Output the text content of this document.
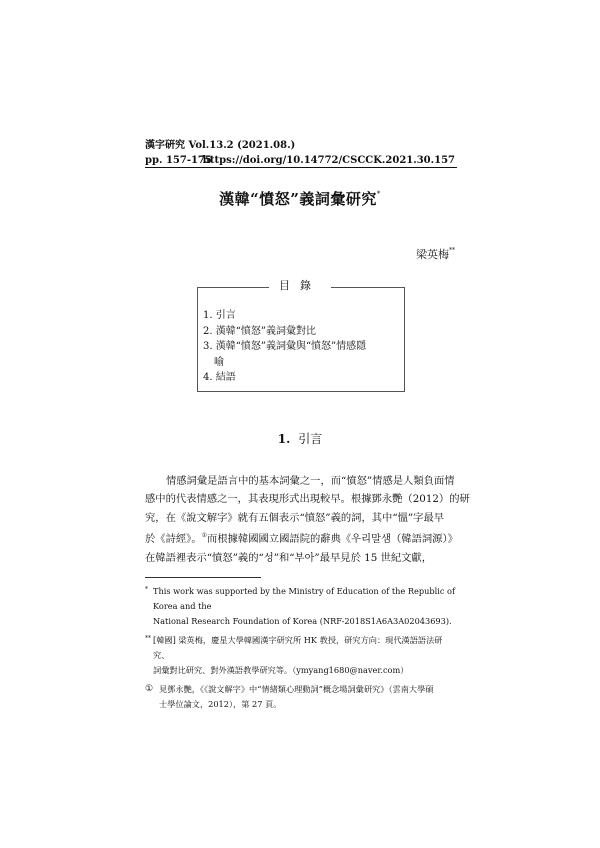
漢字硏究 Vol.13.2 (2021.08.)
pp. 157-175
https://doi.org/10.14772/CSCCK.2021.30.157
漢韓“憤怒”義詞彙研究*
梁英梅**
目錄
1. 引言
2. 漢韓“憤怒”義詞彙對比
3. 漢韓“憤怒”義詞彙與“憤怒”情感隱
喻
4. 結語
1. 引言
情感詞彙是語言中的基本詞彙之一，而“憤怒”情感是人類負面情
感中的代表情感之一，其表現形式出現較早。根據鄧永艷（2012）的研
究，在《說文解字》就有五個表示“憤怒”義的詞，其中“慍”字最早
於《詩經》。①而根據韓國國立國語院的辭典《우리말샘（韓語詞源）》
在韓語裡表示“憤怒”義的“성”和“부아”最早見於 15 世紀文獻，
* This work was supported by the Ministry of Education of the Republic of Korea and the
National Research Foundation of Korea (NRF-2018S1A6A3A02043693).
** [韓國] 梁英梅，慶星大學韓國漢字研究所 HK 教授，研究方向：現代漢語語法研究、
詞彙對比研究、對外漢語教學研究等。（ymyang1680@naver.com）
① 見鄧永艷，《《說文解字》中“情緒類心理動詞”概念場詞彙研究》（雲南大學碩
士學位論文，2012），第 27 頁。
